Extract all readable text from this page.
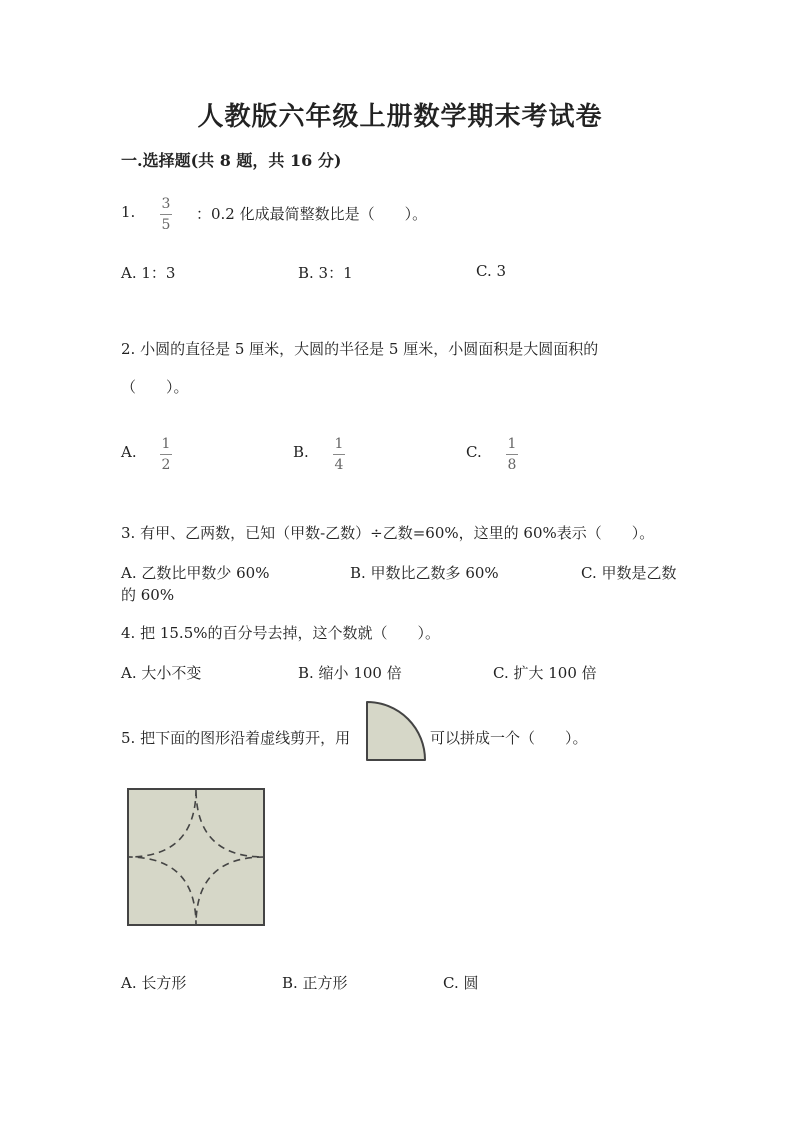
人教版六年级上册数学期末考试卷
一.选择题(共 8 题，共 16 分)
1. 3
5
：0.2 化成最简整数比是（　　）。
A. 1：3	B. 3：1	C. 3
2. 小圆的直径是 5 厘米，大圆的半径是 5 厘米，小圆面积是大圆面积的
（　　）。
A. 1
2
B. 1
4
C. 1
8
3. 有甲、乙两数，已知（甲数-乙数）÷乙数=60%，这里的 60%表示（　　）。
A. 乙数比甲数少 60%	B. 甲数比乙数多 60%	C. 甲数是乙数
的 60%
4. 把 15.5%的百分号去掉，这个数就（　　）。
A. 大小不变	B. 缩小 100 倍	C. 扩大 100 倍
5. 把下面的图形沿着虚线剪开，用	可以拼成一个（　　）。
A. 长方形	B. 正方形	C. 圆
